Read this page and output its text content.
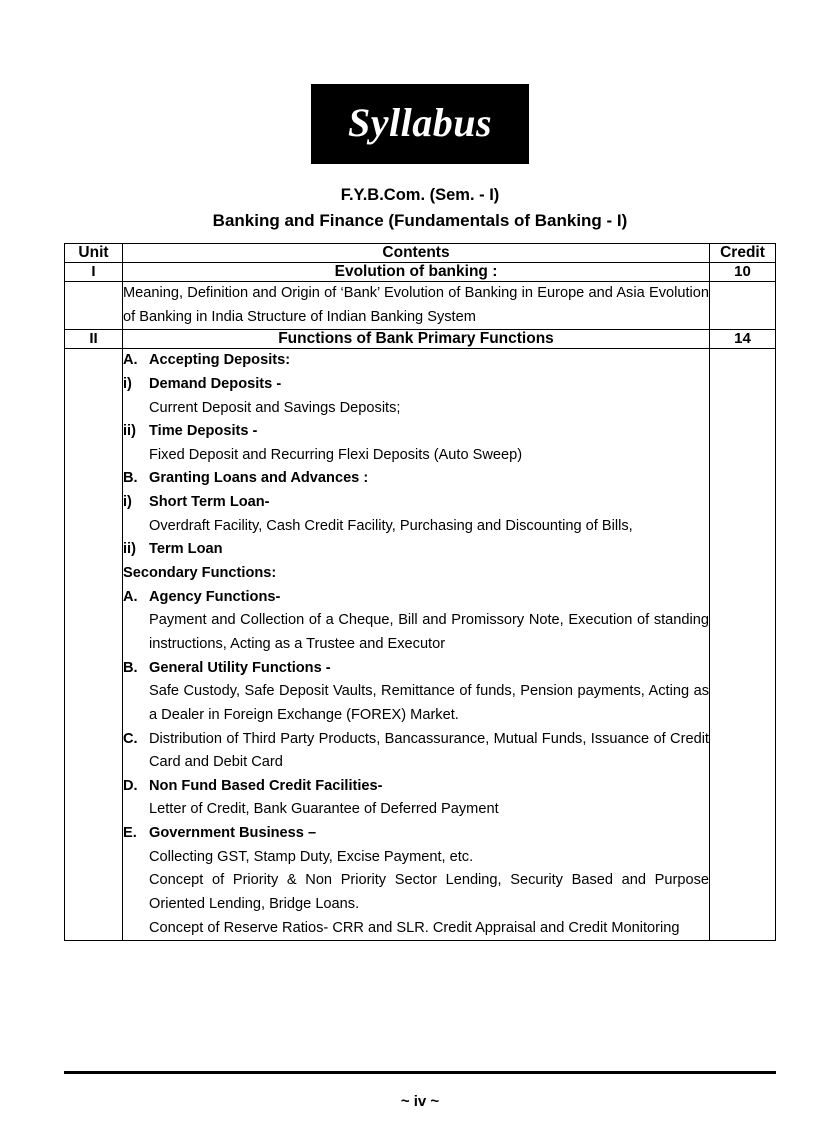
Syllabus
F.Y.B.Com. (Sem. - I)
Banking and Finance (Fundamentals of Banking - I)
Unit	Contents	Credit
I	Evolution of banking :	10
	Meaning, Definition and Origin of ‘Bank’ Evolution of Banking in Europe and Asia Evolution of Banking in India Structure of Indian Banking System	
II	Functions of Bank Primary Functions	14

A. Accepting Deposits:
i)	Demand Deposits -
Current Deposit and Savings Deposits;
ii) Time Deposits -
Fixed Deposit and Recurring Flexi Deposits (Auto Sweep)
B. Granting Loans and Advances :
i)	Short Term Loan-
Overdraft Facility, Cash Credit Facility, Purchasing and Discounting of Bills,
ii) Term Loan
Secondary Functions:
A. Agency Functions-
Payment and Collection of a Cheque, Bill and Promissory Note, Execution of standing instructions, Acting as a Trustee and Executor
B. General Utility Functions -
Safe Custody, Safe Deposit Vaults, Remittance of funds, Pension payments, Acting as a Dealer in Foreign Exchange (FOREX) Market.
C. Distribution of Third Party Products, Bancassurance, Mutual Funds, Issuance of Credit Card and Debit Card
D. Non Fund Based Credit Facilities-
Letter of Credit, Bank Guarantee of Deferred Payment
E. Government Business –
Collecting GST, Stamp Duty, Excise Payment, etc.
Concept of Priority & Non Priority Sector Lending, Security Based and Purpose Oriented Lending, Bridge Loans.
Concept of Reserve Ratios- CRR and SLR. Credit Appraisal and Credit Monitoring

~ iv ~
